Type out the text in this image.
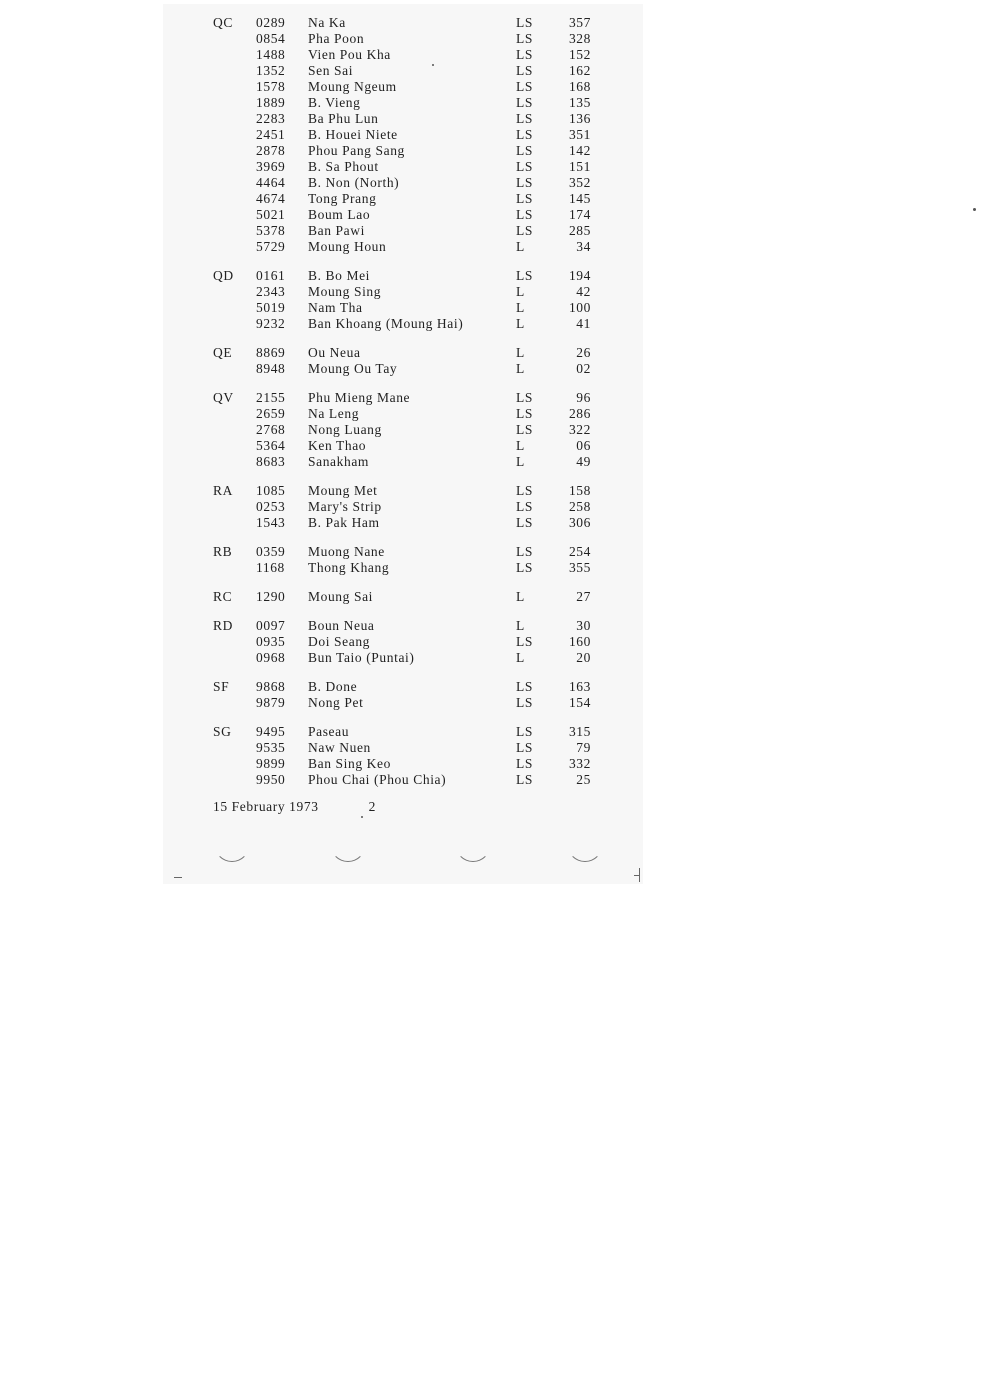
QC 0289 Na Ka	LS	357
0854 Pha Poon	LS	328
1488 Vien Pou Kha	LS	152
1352 Sen Sai	LS	162
1578 Moung Ngeum	LS	168
1889 B. Vieng	LS	135
2283 Ba Phu Lun	LS	136
2451 B. Houei Niete	LS	351
2878 Phou Pang Sang	LS	142
3969 B. Sa Phout	LS	151
4464 B. Non (North)	LS	352
4674 Tong Prang	LS	145
5021 Boum Lao	LS	174
5378 Ban Pawi	LS	285
5729 Moung Houn	L	34
QD 0161 B. Bo Mei	LS	194
2343 Moung Sing	L	42
5019 Nam Tha	L	100
9232 Ban Khoang (Moung Hai)	L	41
QE 8869 Ou Neua	L	26
8948 Moung Ou Tay	L	02
QV 2155 Phu Mieng Mane	LS	96
2659 Na Leng	LS	286
2768 Nong Luang	LS	322
5364 Ken Thao	L	06
8683 Sanakham	L	49
RA 1085 Moung Met	LS	158
0253 Mary's Strip	LS	258
1543 B. Pak Ham	LS	306
RB 0359 Muong Nane	LS	254
1168 Thong Khang	LS	355
RC 1290 Moung Sai	L	27
RD 0097 Boun Neua	L	30
0935 Doi Seang	LS	160
0968 Bun Taio (Puntai)	L	20
SF 9868 B. Done	LS	163
9879 Nong Pet	LS	154
SG 9495 Paseau	LS	315
9535 Naw Nuen	LS	79
9899 Ban Sing Keo	LS	332
9950 Phou Chai (Phou Chia)	LS	25
15 February 1973	2
